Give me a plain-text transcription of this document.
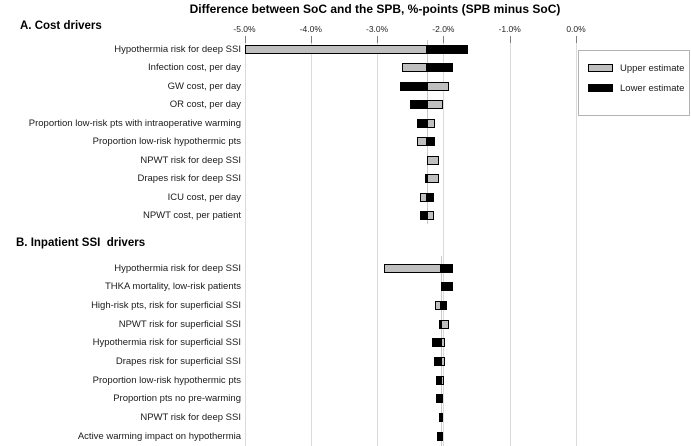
Difference between SoC and the SPB, %-points (SPB minus SoC)
A. Cost drivers
B. Inpatient SSI  drivers
-5.0%	-4.0%	-3.0%	-2.0%	-1.0%	0.0%
Hypothermia risk for deep SSI
Infection cost, per day
GW cost, per day
OR cost, per day
Proportion low-risk pts with intraoperative warming
Proportion low-risk hypothermic pts
NPWT risk for deep SSI
Drapes risk for deep SSI
ICU cost, per day
NPWT cost, per patient
Hypothermia risk for deep SSI
THKA mortality, low-risk patients
High-risk pts, risk for superficial SSI
NPWT risk for superficial SSI
Hypothermia risk for superficial SSI
Drapes risk for superficial SSI
Proportion low-risk hypothermic pts
Proportion pts no pre-warming
NPWT risk for deep SSI
Active warming impact on hypothermia
Upper estimate
Lower estimate
